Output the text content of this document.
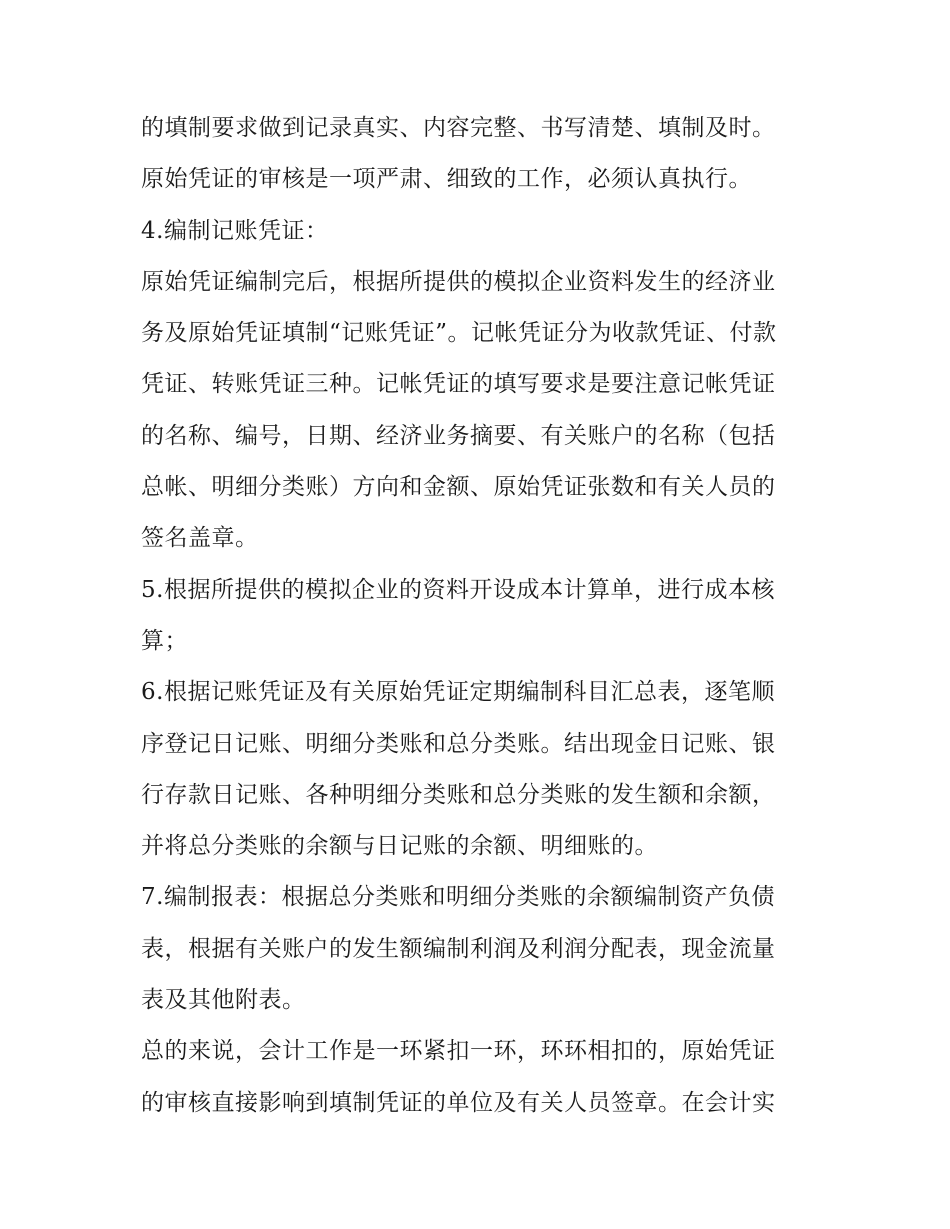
的填制要求做到记录真实、内容完整、书写清楚、填制及时。
原始凭证的审核是一项严肃、细致的工作，必须认真执行。
4.编制记账凭证：
原始凭证编制完后，根据所提供的模拟企业资料发生的经济业
务及原始凭证填制“记账凭证”。记帐凭证分为收款凭证、付款
凭证、转账凭证三种。记帐凭证的填写要求是要注意记帐凭证
的名称、编号，日期、经济业务摘要、有关账户的名称（包括
总帐、明细分类账）方向和金额、原始凭证张数和有关人员的
签名盖章。
5.根据所提供的模拟企业的资料开设成本计算单，进行成本核
算；
6.根据记账凭证及有关原始凭证定期编制科目汇总表，逐笔顺
序登记日记账、明细分类账和总分类账。结出现金日记账、银
行存款日记账、各种明细分类账和总分类账的发生额和余额，
并将总分类账的余额与日记账的余额、明细账的。
7.编制报表：根据总分类账和明细分类账的余额编制资产负债
表，根据有关账户的发生额编制利润及利润分配表，现金流量
表及其他附表。
总的来说，会计工作是一环紧扣一环，环环相扣的，原始凭证
的审核直接影响到填制凭证的单位及有关人员签章。在会计实
